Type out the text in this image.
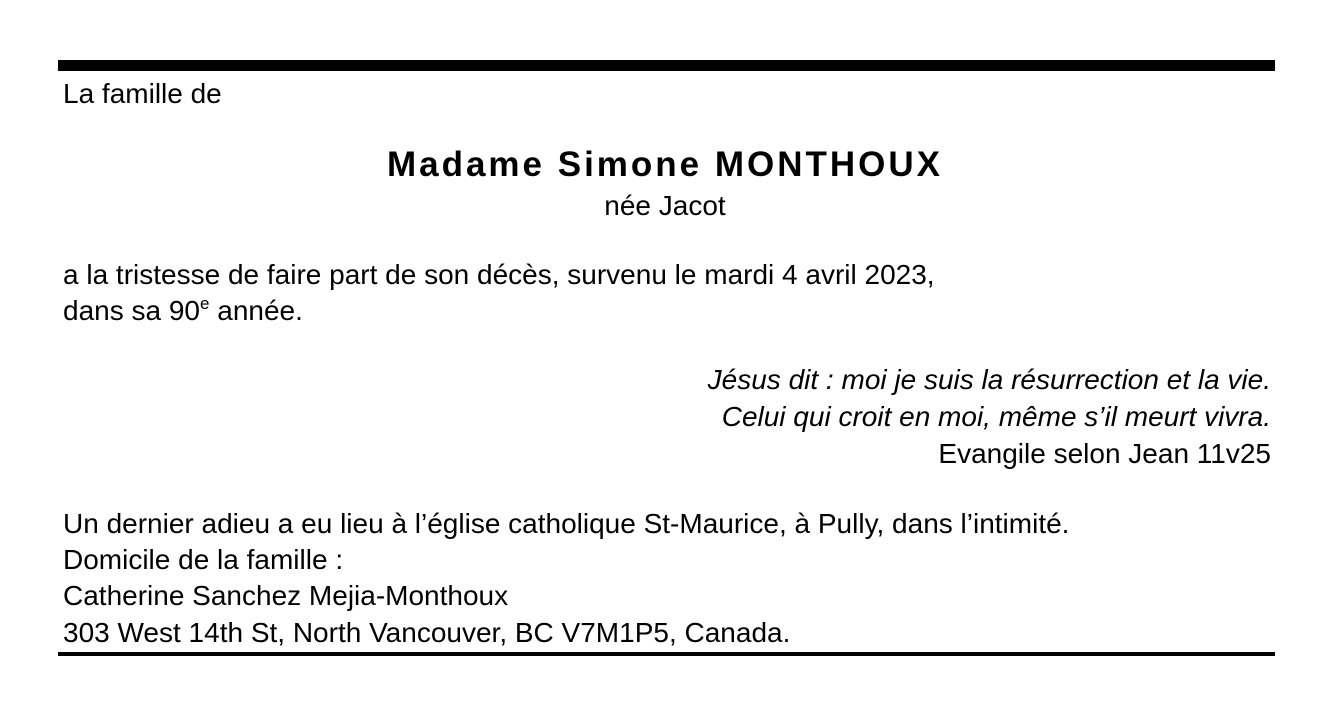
La famille de
Madame Simone MONTHOUX
née Jacot
a la tristesse de faire part de son décès, survenu le mardi 4 avril 2023,
dans sa 90e année.
Jésus dit : moi je suis la résurrection et la vie.
Celui qui croit en moi, même s’il meurt vivra.
Evangile selon Jean 11v25
Un dernier adieu a eu lieu à l’église catholique St-Maurice, à Pully, dans l’intimité.
Domicile de la famille :
Catherine Sanchez Mejia-Monthoux
303 West 14th St, North Vancouver, BC V7M1P5, Canada.
